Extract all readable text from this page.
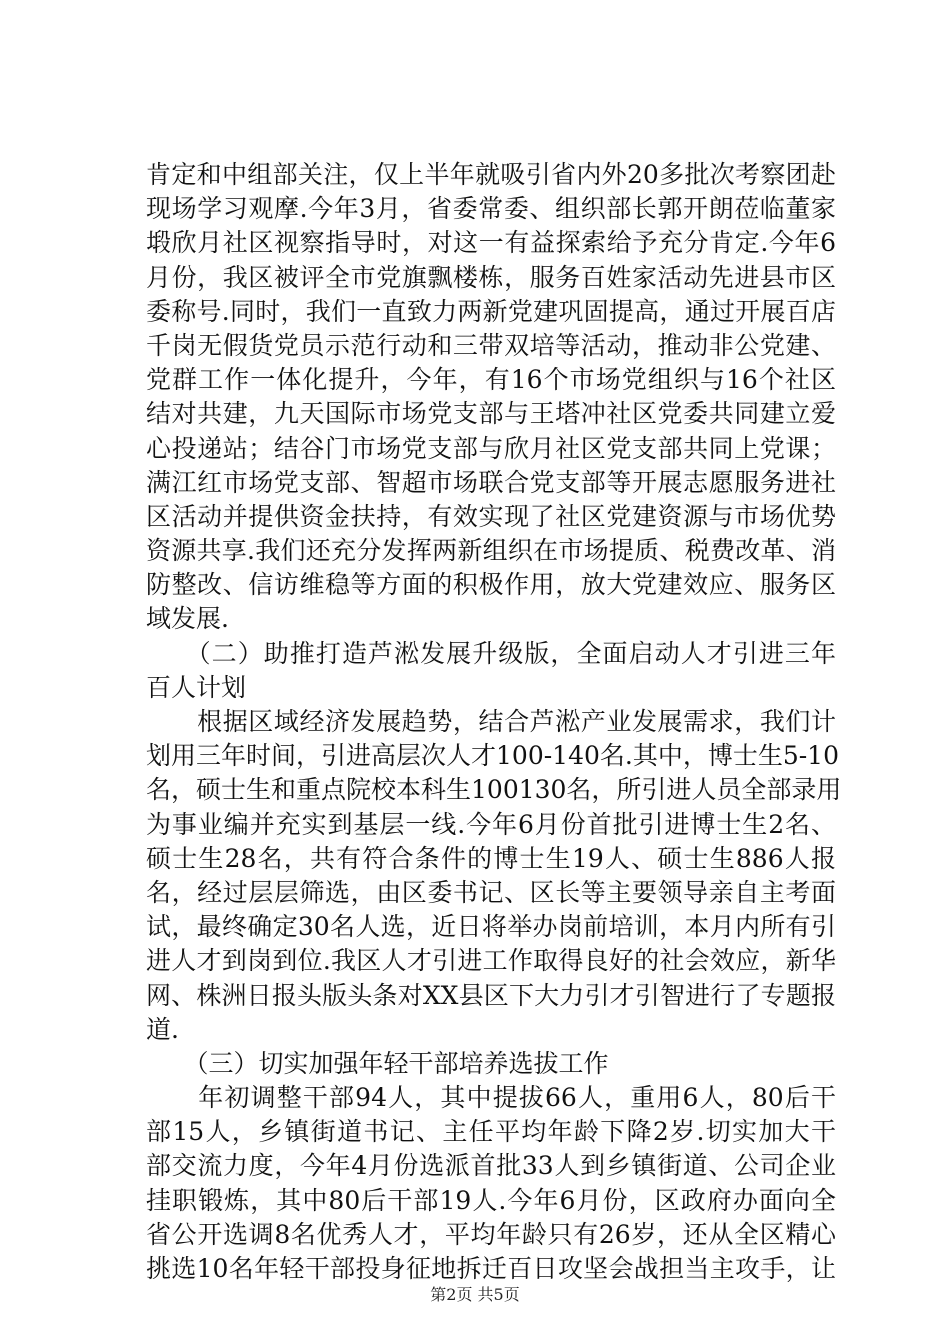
肯定和中组部关注，仅上半年就吸引省内外20多批次考察团赴
现场学习观摩.今年3月，省委常委、组织部长郭开朗莅临董家
塅欣月社区视察指导时，对这一有益探索给予充分肯定.今年6
月份，我区被评全市党旗飘楼栋，服务百姓家活动先进县市区
委称号.同时，我们一直致力两新党建巩固提高，通过开展百店
千岗无假货党员示范行动和三带双培等活动，推动非公党建、
党群工作一体化提升，今年，有16个市场党组织与16个社区
结对共建，九天国际市场党支部与王塔冲社区党委共同建立爱
心投递站；结谷门市场党支部与欣月社区党支部共同上党课；
满江红市场党支部、智超市场联合党支部等开展志愿服务进社
区活动并提供资金扶持，有效实现了社区党建资源与市场优势
资源共享.我们还充分发挥两新组织在市场提质、税费改革、消
防整改、信访维稳等方面的积极作用，放大党建效应、服务区
域发展.
　　（二）助推打造芦淞发展升级版，全面启动人才引进三年
百人计划
　　根据区域经济发展趋势，结合芦淞产业发展需求，我们计
划用三年时间，引进高层次人才100-140名.其中，博士生5-10
名，硕士生和重点院校本科生100130名，所引进人员全部录用
为事业编并充实到基层一线.今年6月份首批引进博士生2名、
硕士生28名，共有符合条件的博士生19人、硕士生886人报
名，经过层层筛选，由区委书记、区长等主要领导亲自主考面
试，最终确定30名人选，近日将举办岗前培训，本月内所有引
进人才到岗到位.我区人才引进工作取得良好的社会效应，新华
网、株洲日报头版头条对XX县区下大力引才引智进行了专题报
道.
　　（三）切实加强年轻干部培养选拔工作
　　年初调整干部94人，其中提拔66人，重用6人，80后干
部15人，乡镇街道书记、主任平均年龄下降2岁.切实加大干
部交流力度，今年4月份选派首批33人到乡镇街道、公司企业
挂职锻炼，其中80后干部19人.今年6月份，区政府办面向全
省公开选调8名优秀人才，平均年龄只有26岁，还从全区精心
挑选10名年轻干部投身征地拆迁百日攻坚会战担当主攻手，让
第2页 共5页
